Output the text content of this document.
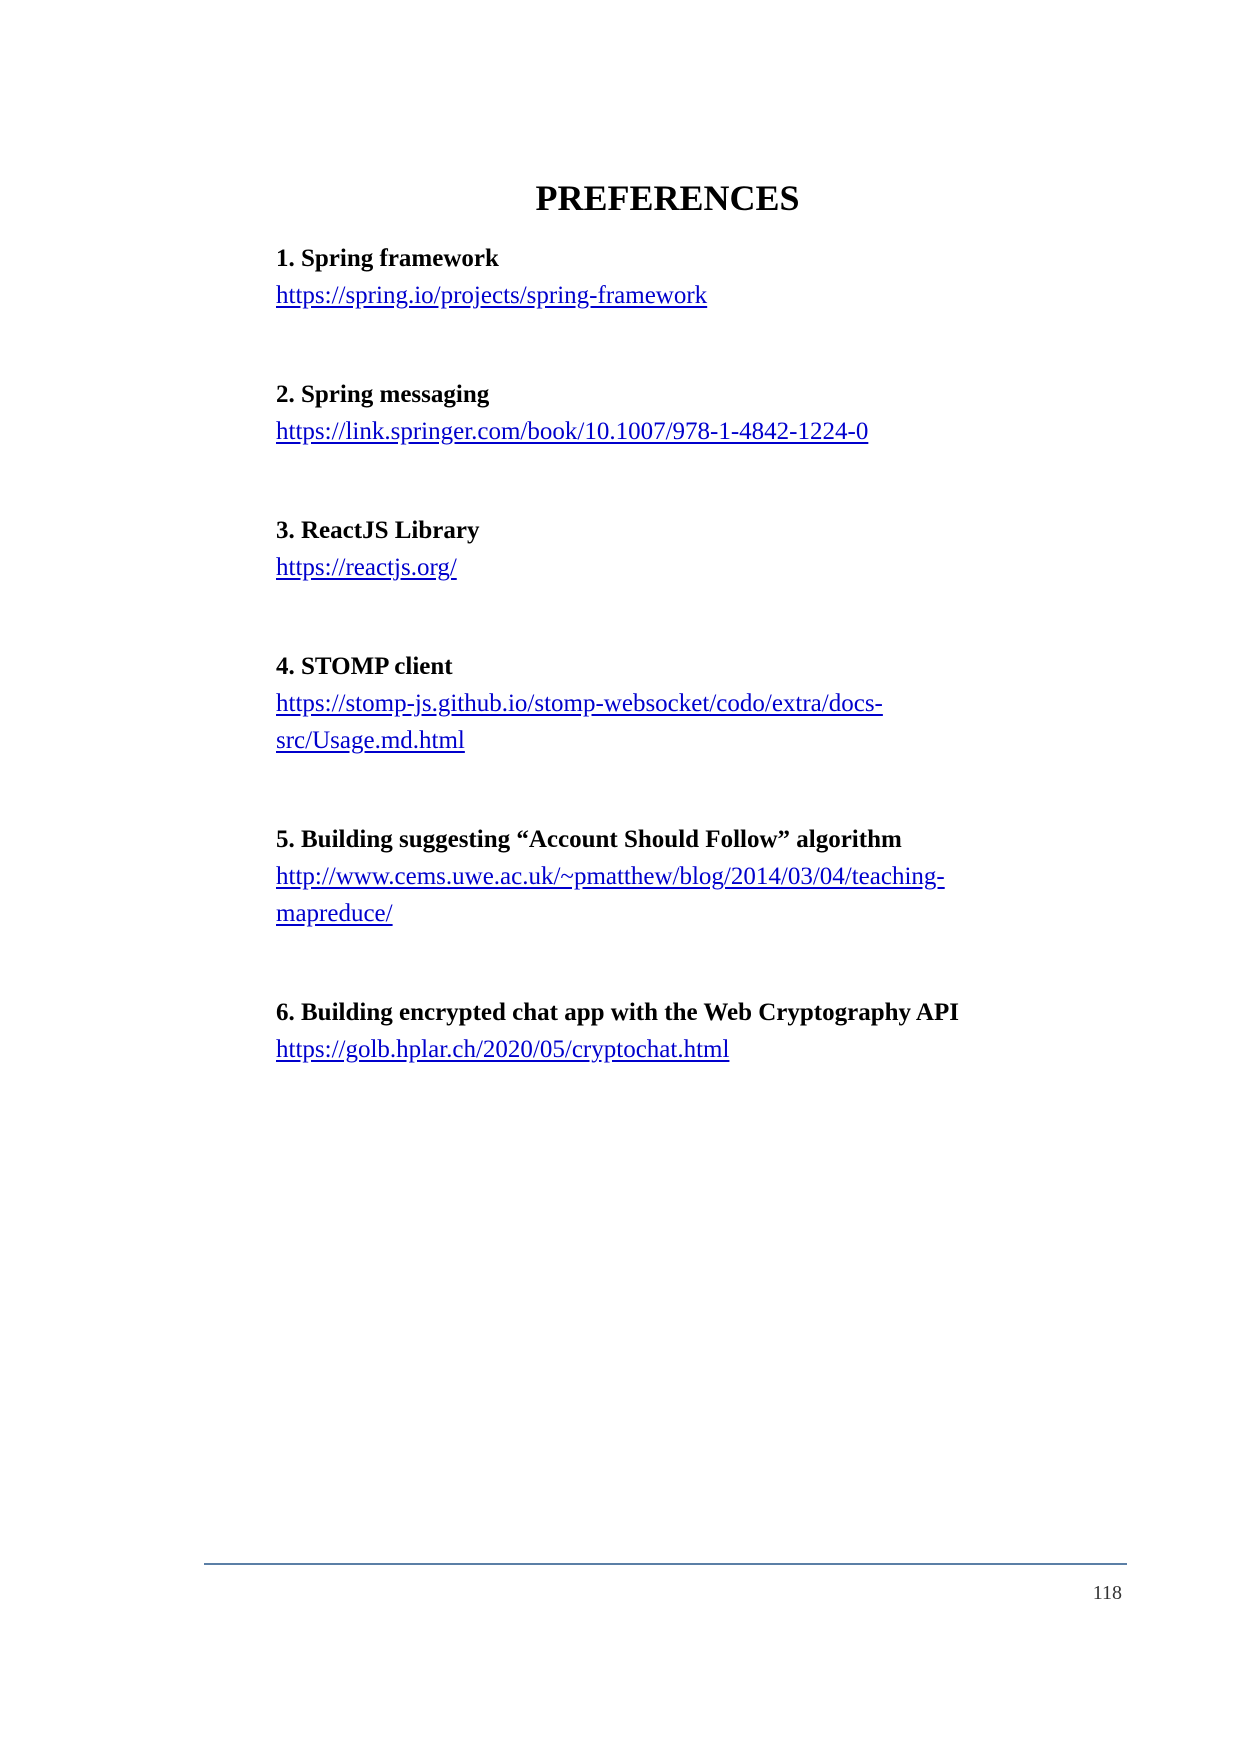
PREFERENCES
1. Spring framework
https://spring.io/projects/spring-framework
2. Spring messaging
https://link.springer.com/book/10.1007/978-1-4842-1224-0
3. ReactJS Library
https://reactjs.org/
4. STOMP client
https://stomp-js.github.io/stomp-websocket/codo/extra/docs-
src/Usage.md.html
5. Building suggesting “Account Should Follow” algorithm
http://www.cems.uwe.ac.uk/~pmatthew/blog/2014/03/04/teaching-
mapreduce/
6. Building encrypted chat app with the Web Cryptography API
https://golb.hplar.ch/2020/05/cryptochat.html
118
